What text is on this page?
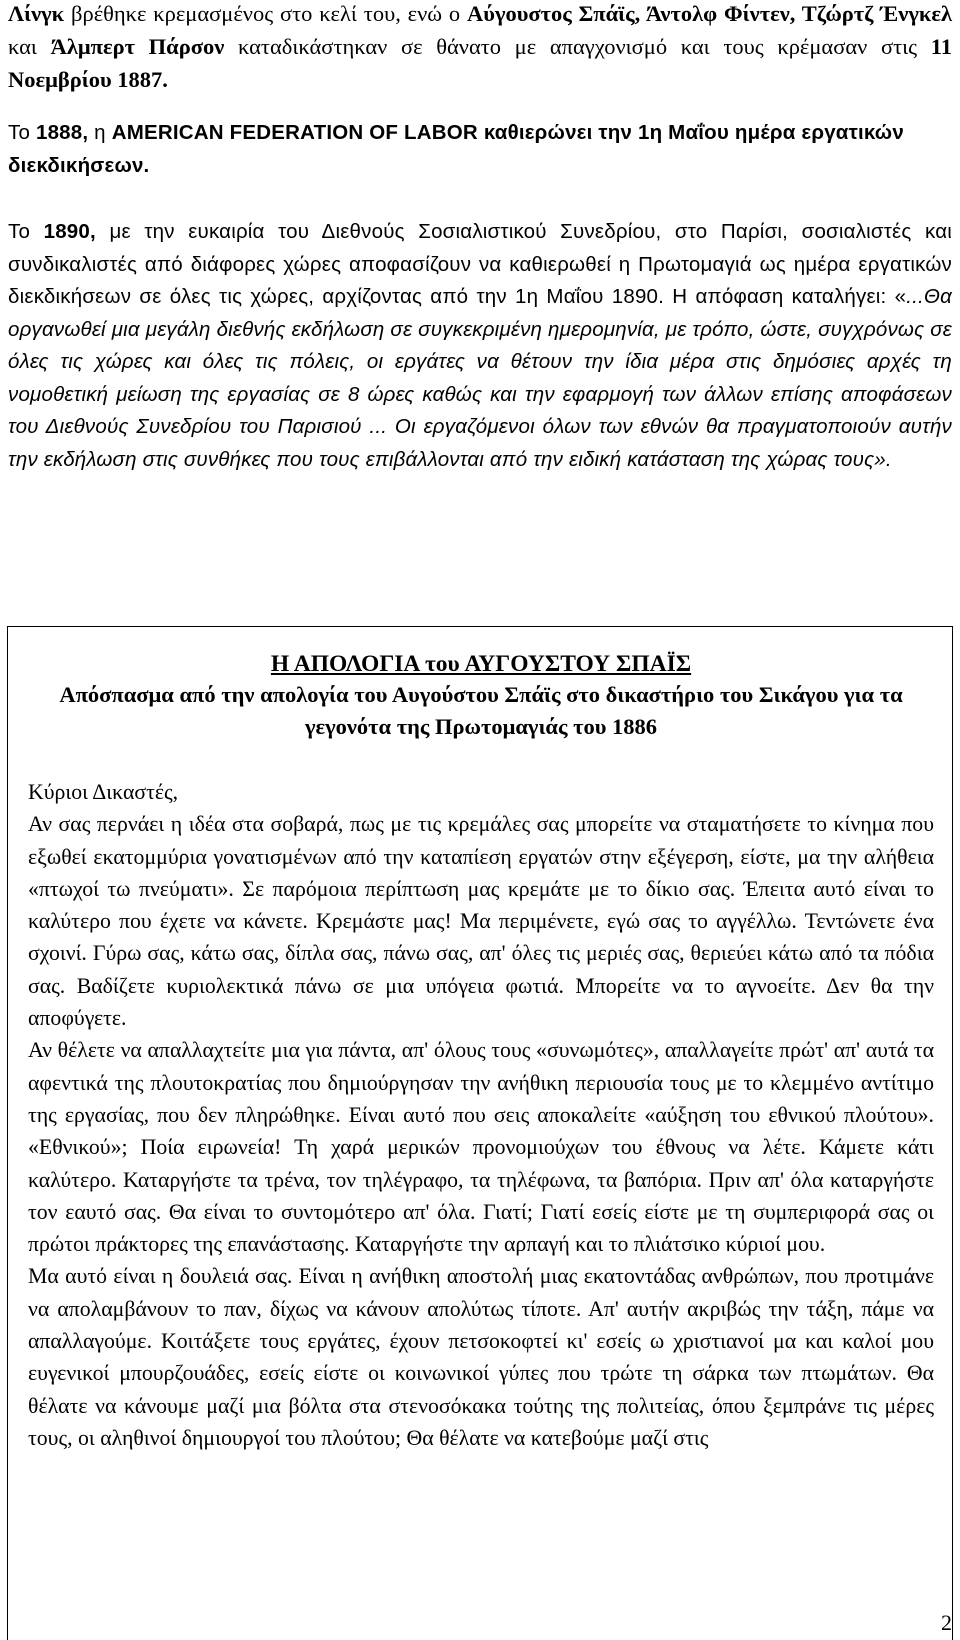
Λίνγκ βρέθηκε κρεμασμένος στο κελί του, ενώ ο Αύγουστος Σπάϊς, Άντολφ Φίντεν, Τζώρτζ Ένγκελ και Άλμπερτ Πάρσον καταδικάστηκαν σε θάνατο με απαγχονισμό και τους κρέμασαν στις 11 Νοεμβρίου 1887.

Το 1888, η AMERICAN FEDERATION OF LABOR καθιερώνει την 1η Μαΐου ημέρα εργατικών διεκδικήσεων.

Το 1890, με την ευκαιρία του Διεθνούς Σοσιαλιστικού Συνεδρίου, στο Παρίσι, σοσιαλιστές και συνδικαλιστές από διάφορες χώρες αποφασίζουν να καθιερωθεί η Πρωτομαγιά ως ημέρα εργατικών διεκδικήσεων σε όλες τις χώρες, αρχίζοντας από την 1η Μαΐου 1890. Η απόφαση καταλήγει: «...Θα οργανωθεί μια μεγάλη διεθνής εκδήλωση σε συγκεκριμένη ημερομηνία, με τρόπο, ώστε, συγχρόνως σε όλες τις χώρες και όλες τις πόλεις, οι εργάτες να θέτουν την ίδια μέρα στις δημόσιες αρχές τη νομοθετική μείωση της εργασίας σε 8 ώρες καθώς και την εφαρμογή των άλλων επίσης αποφάσεων του Διεθνούς Συνεδρίου του Παρισιού ... Οι εργαζόμενοι όλων των εθνών θα πραγματοποιούν αυτήν την εκδήλωση στις συνθήκες που τους επιβάλλονται από την ειδική κατάσταση της χώρας τους».

Η ΑΠΟΛΟΓΙΑ του ΑΥΓΟΥΣΤΟΥ ΣΠΑΪΣ

Απόσπασμα από την απολογία του Αυγούστου Σπάϊς στο δικαστήριο του Σικάγου για τα γεγονότα της Πρωτομαγιάς του 1886

Κύριοι Δικαστές,

Αν σας περνάει η ιδέα στα σοβαρά, πως με τις κρεμάλες σας μπορείτε να σταματήσετε το κίνημα που εξωθεί εκατομμύρια γονατισμένων από την καταπίεση εργατών στην εξέγερση, είστε, μα την αλήθεια «πτωχοί τω πνεύματι». Σε παρόμοια περίπτωση μας κρεμάτε με το δίκιο σας. Έπειτα αυτό είναι το καλύτερο που έχετε να κάνετε. Κρεμάστε μας! Μα περιμένετε, εγώ σας το αγγέλλω. Τεντώνετε ένα σχοινί. Γύρω σας, κάτω σας, δίπλα σας, πάνω σας, απ' όλες τις μεριές σας, θεριεύει κάτω από τα πόδια σας. Βαδίζετε κυριολεκτικά πάνω σε μια υπόγεια φωτιά. Μπορείτε να το αγνοείτε. Δεν θα την αποφύγετε.

Αν θέλετε να απαλλαχτείτε μια για πάντα, απ' όλους τους «συνωμότες», απαλλαγείτε πρώτ' απ' αυτά τα αφεντικά της πλουτοκρατίας που δημιούργησαν την ανήθικη περιουσία τους με το κλεμμένο αντίτιμο της εργασίας, που δεν πληρώθηκε. Είναι αυτό που σεις αποκαλείτε «αύξηση του εθνικού πλούτου». «Εθνικού»; Ποία ειρωνεία! Τη χαρά μερικών προνομιούχων του έθνους να λέτε. Κάμετε κάτι καλύτερο. Καταργήστε τα τρένα, τον τηλέγραφο, τα τηλέφωνα, τα βαπόρια. Πριν απ' όλα καταργήστε τον εαυτό σας. Θα είναι το συντομότερο απ' όλα. Γιατί; Γιατί εσείς είστε με τη συμπεριφορά σας οι πρώτοι πράκτορες της επανάστασης. Καταργήστε την αρπαγή και το πλιάτσικο κύριοί μου.

Μα αυτό είναι η δουλειά σας. Είναι η ανήθικη αποστολή μιας εκατοντάδας ανθρώπων, που προτιμάνε να απολαμβάνουν το παν, δίχως να κάνουν απολύτως τίποτε. Απ' αυτήν ακριβώς την τάξη, πάμε να απαλλαγούμε. Κοιτάξετε τους εργάτες, έχουν πετσοκοφτεί κι' εσείς ω χριστιανοί μα και καλοί μου ευγενικοί μπουρζουάδες, εσείς είστε οι κοινωνικοί γύπες που τρώτε τη σάρκα των πτωμάτων. Θα θέλατε να κάνουμε μαζί μια βόλτα στα στενοσόκακα τούτης της πολιτείας, όπου ξεμπράνε τις μέρες τους, οι αληθινοί δημιουργοί του πλούτου; Θα θέλατε να κατεβούμε μαζί στις

2
